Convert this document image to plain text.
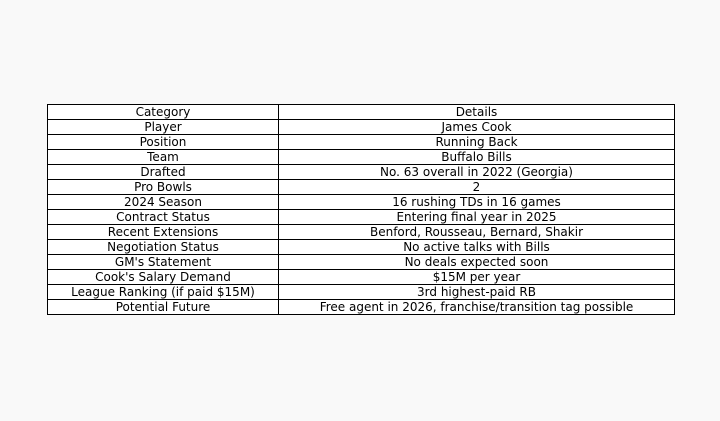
Category	Details
Player	James Cook
Position	Running Back
Team	Buffalo Bills
Drafted	No. 63 overall in 2022 (Georgia)
Pro Bowls	2
2024 Season	16 rushing TDs in 16 games
Contract Status	Entering final year in 2025
Recent Extensions	Benford, Rousseau, Bernard, Shakir
Negotiation Status	No active talks with Bills
GM's Statement	No deals expected soon
Cook's Salary Demand	$15M per year
League Ranking (if paid $15M)	3rd highest-paid RB
Potential Future	Free agent in 2026, franchise/transition tag possible
